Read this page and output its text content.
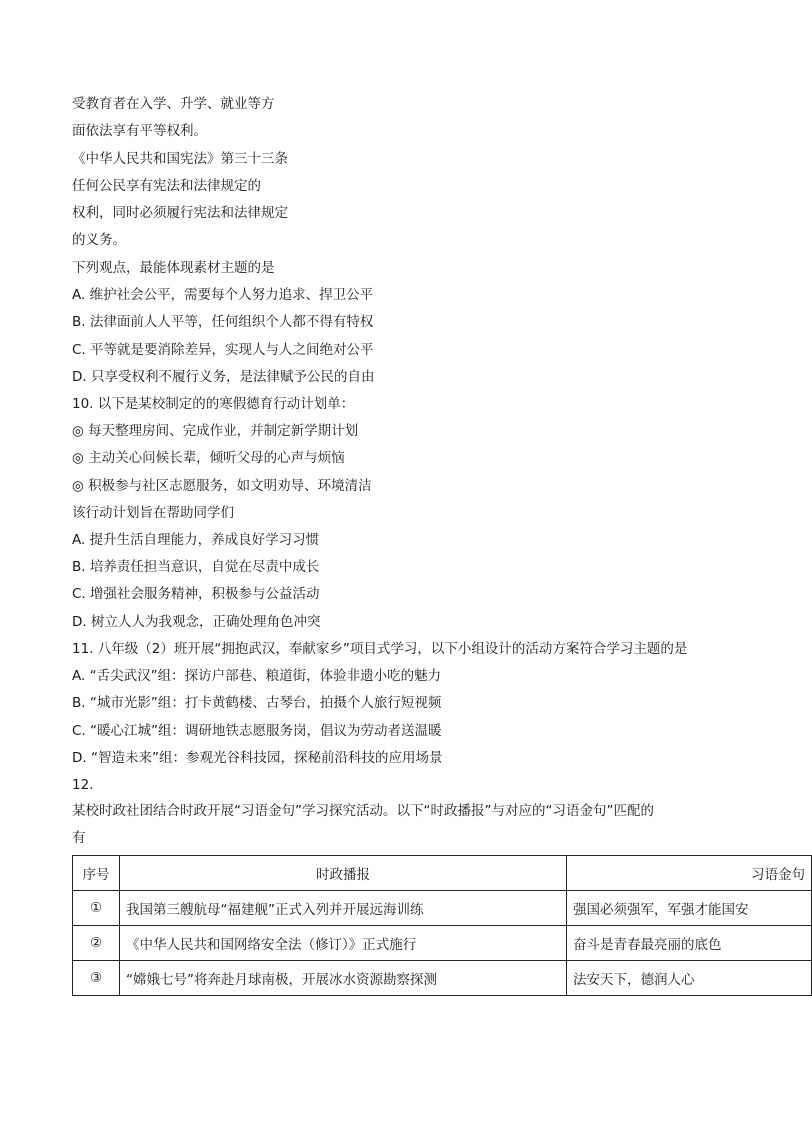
受教育者在入学、升学、就业等方
面依法享有平等权利。
《中华人民共和国宪法》第三十三条
任何公民享有宪法和法律规定的
权利，同时必须履行宪法和法律规定
的义务。
下列观点，最能体现素材主题的是
A. 维护社会公平，需要每个人努力追求、捍卫公平
B. 法律面前人人平等，任何组织个人都不得有特权
C. 平等就是要消除差异，实现人与人之间绝对公平
D. 只享受权利不履行义务，是法律赋予公民的自由
10. 以下是某校制定的的寒假德育行动计划单：
◎ 每天整理房间、完成作业，并制定新学期计划
◎ 主动关心问候长辈，倾听父母的心声与烦恼
◎ 积极参与社区志愿服务，如文明劝导、环境清洁
该行动计划旨在帮助同学们
A. 提升生活自理能力，养成良好学习习惯
B. 培养责任担当意识，自觉在尽责中成长
C. 增强社会服务精神，积极参与公益活动
D. 树立人人为我观念，正确处理角色冲突
11. 八年级（2）班开展“拥抱武汉，奉献家乡”项目式学习，以下小组设计的活动方案符合学习主题的是
A. “舌尖武汉”组：探访户部巷、粮道街，体验非遗小吃的魅力
B. “城市光影”组：打卡黄鹤楼、古琴台，拍摄个人旅行短视频
C. “暖心江城”组：调研地铁志愿服务岗，倡议为劳动者送温暖
D. “智造未来”组：参观光谷科技园，探秘前沿科技的应用场景
12.
某校时政社团结合时政开展“习语金句”学习探究活动。以下“时政播报”与对应的“习语金句”匹配的
有
序号	时政播报	习语金句
①	我国第三艘航母“福建舰”正式入列并开展远海训练	强国必须强军，军强才能国安
②	《中华人民共和国网络安全法（修订）》正式施行	奋斗是青春最亮丽的底色
③	“嫦娥七号”将奔赴月球南极，开展冰水资源勘察探测	法安天下，德润人心
